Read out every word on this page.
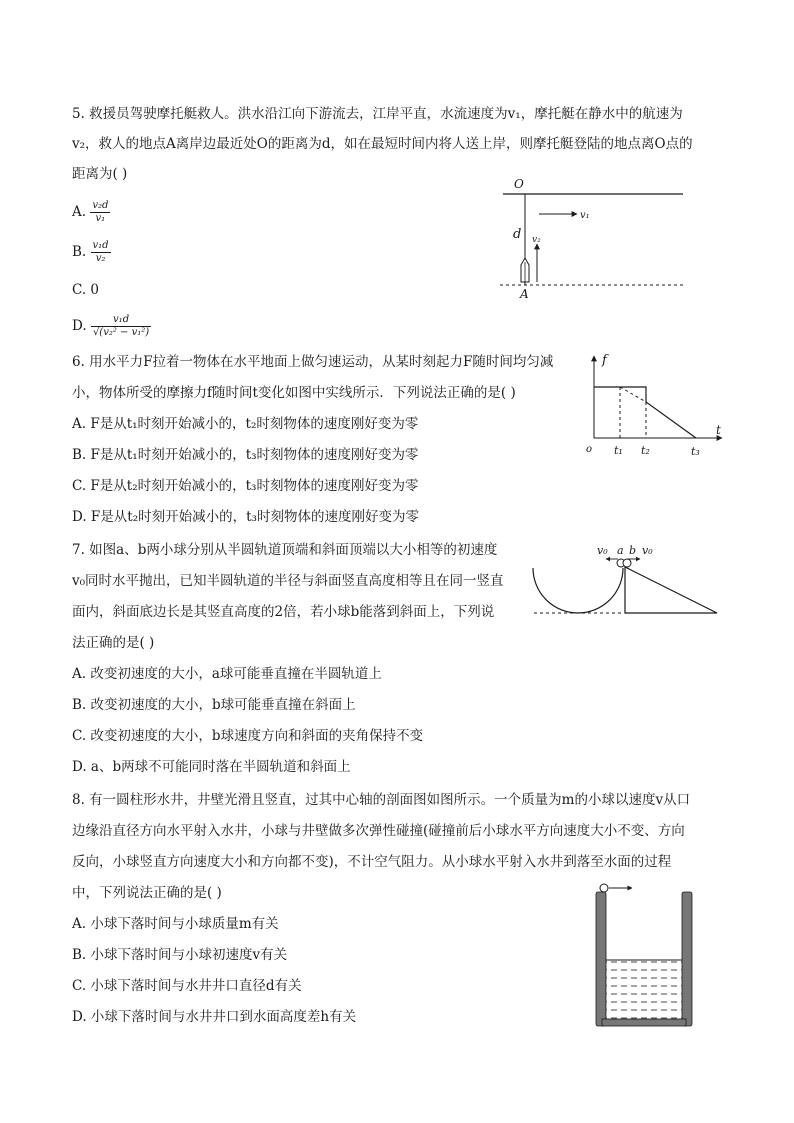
5. 救援员驾驶摩托艇救人。洪水沿江向下游流去，江岸平直，水流速度为v₁，摩托艇在静水中的航速为
v₂，救人的地点A离岸边最近处O的距离为d，如在最短时间内将人送上岸，则摩托艇登陆的地点离O点的
距离为( )
A. $\frac{\text{v₂d}}{\text{v₁}}$
B. $\frac{\text{v₁d}}{\text{v₂}}$
C. 0
D. $\frac{\text{v₁d}}{\text{√(v₂² − v₁²)}}$
O
d
v₁
v₂
A
6. 用水平力F拉着一物体在水平地面上做匀速运动，从某时刻起力F随时间均匀减
小，物体所受的摩擦力f随时间t变化如图中实线所示．下列说法正确的是( )
A. F是从t₁时刻开始减小的，t₂时刻物体的速度刚好变为零
B. F是从t₁时刻开始减小的，t₃时刻物体的速度刚好变为零
C. F是从t₂时刻开始减小的，t₃时刻物体的速度刚好变为零
D. F是从t₂时刻开始减小的，t₃时刻物体的速度刚好变为零
f
t
o t₁ t₂	t₃
7. 如图a、b两小球分别从半圆轨道顶端和斜面顶端以大小相等的初速度
v₀同时水平抛出，已知半圆轨道的半径与斜面竖直高度相等且在同一竖直
面内，斜面底边长是其竖直高度的2倍，若小球b能落到斜面上，下列说
法正确的是( )
A. 改变初速度的大小，a球可能垂直撞在半圆轨道上
B. 改变初速度的大小，b球可能垂直撞在斜面上
C. 改变初速度的大小，b球速度方向和斜面的夹角保持不变
D. a、b两球不可能同时落在半圆轨道和斜面上
v₀ a b v₀
8. 有一圆柱形水井，井壁光滑且竖直，过其中心轴的剖面图如图所示。一个质量为m的小球以速度v从口
边缘沿直径方向水平射入水井，小球与井壁做多次弹性碰撞(碰撞前后小球水平方向速度大小不变、方向
反向，小球竖直方向速度大小和方向都不变)，不计空气阻力。从小球水平射入水井到落至水面的过程
中，下列说法正确的是( )
A. 小球下落时间与小球质量m有关
B. 小球下落时间与小球初速度v有关
C. 小球下落时间与水井井口直径d有关
D. 小球下落时间与水井井口到水面高度差h有关
